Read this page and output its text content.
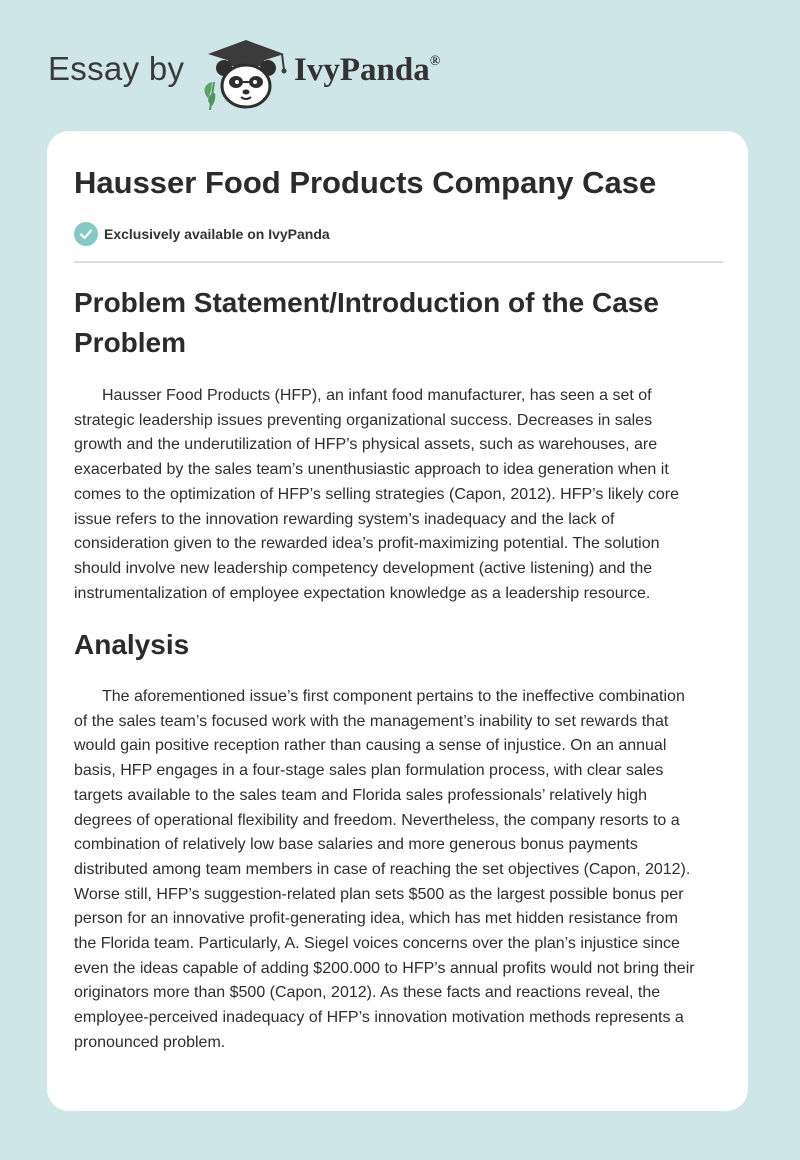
Essay by	IvyPanda®
Hausser Food Products Company Case
Exclusively available on IvyPanda
Problem Statement/Introduction of the Case
Problem

Hausser Food Products (HFP), an infant food manufacturer, has seen a set of
strategic leadership issues preventing organizational success. Decreases in sales
growth and the underutilization of HFP’s physical assets, such as warehouses, are
exacerbated by the sales team’s unenthusiastic approach to idea generation when it
comes to the optimization of HFP’s selling strategies (Capon, 2012). HFP’s likely core
issue refers to the innovation rewarding system’s inadequacy and the lack of
consideration given to the rewarded idea’s profit-maximizing potential. The solution
should involve new leadership competency development (active listening) and the
instrumentalization of employee expectation knowledge as a leadership resource.

Analysis

The aforementioned issue’s first component pertains to the ineffective combination
of the sales team’s focused work with the management’s inability to set rewards that
would gain positive reception rather than causing a sense of injustice. On an annual
basis, HFP engages in a four-stage sales plan formulation process, with clear sales
targets available to the sales team and Florida sales professionals’ relatively high
degrees of operational flexibility and freedom. Nevertheless, the company resorts to a
combination of relatively low base salaries and more generous bonus payments
distributed among team members in case of reaching the set objectives (Capon, 2012).
Worse still, HFP’s suggestion-related plan sets $500 as the largest possible bonus per
person for an innovative profit-generating idea, which has met hidden resistance from
the Florida team. Particularly, A. Siegel voices concerns over the plan’s injustice since
even the ideas capable of adding $200.000 to HFP’s annual profits would not bring their
originators more than $500 (Capon, 2012). As these facts and reactions reveal, the
employee-perceived inadequacy of HFP’s innovation motivation methods represents a
pronounced problem.
